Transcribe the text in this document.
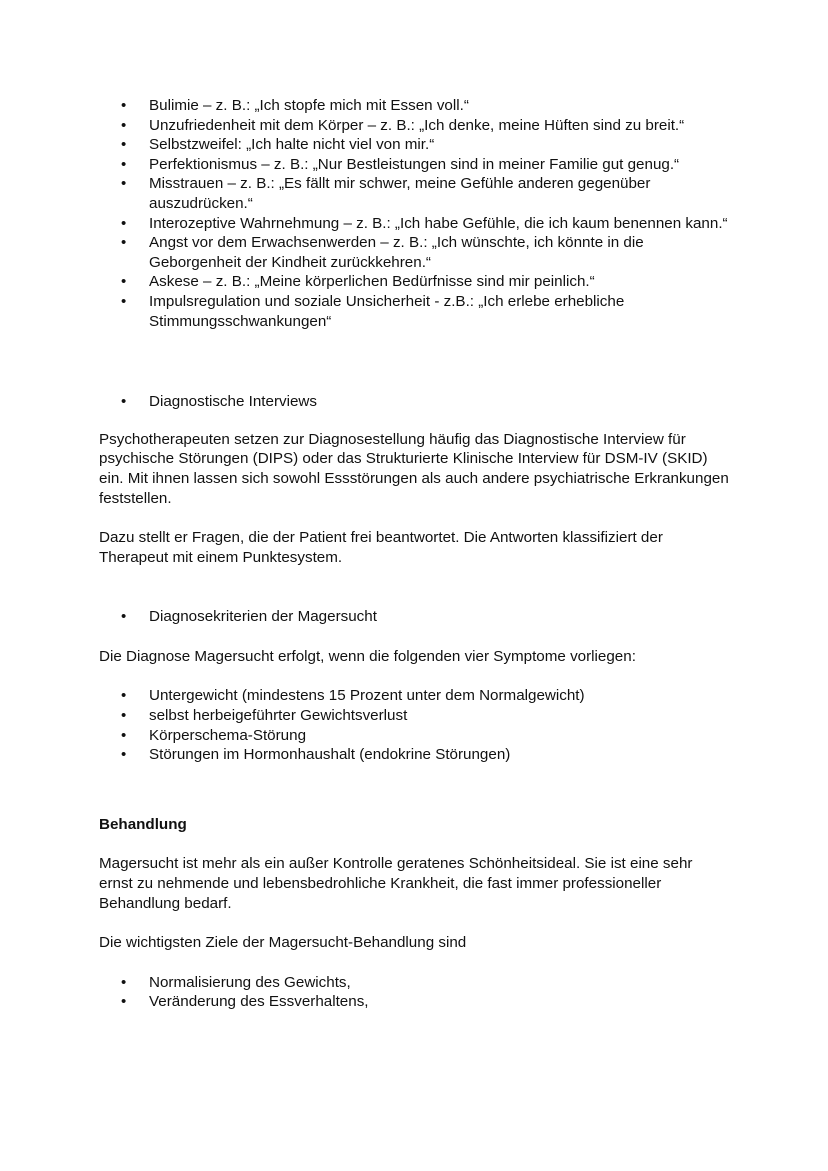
• Bulimie – z. B.: „Ich stopfe mich mit Essen voll.“
• Unzufriedenheit mit dem Körper – z. B.: „Ich denke, meine Hüften sind zu breit.“
• Selbstzweifel: „Ich halte nicht viel von mir.“
• Perfektionismus – z. B.: „Nur Bestleistungen sind in meiner Familie gut genug.“
• Misstrauen – z. B.: „Es fällt mir schwer, meine Gefühle anderen gegenüber auszudrücken.“
• Interozeptive Wahrnehmung – z. B.: „Ich habe Gefühle, die ich kaum benennen kann.“
• Angst vor dem Erwachsenwerden – z. B.: „Ich wünschte, ich könnte in die Geborgenheit der Kindheit zurückkehren.“
• Askese – z. B.: „Meine körperlichen Bedürfnisse sind mir peinlich.“
• Impulsregulation und soziale Unsicherheit - z.B.: „Ich erlebe erhebliche Stimmungsschwankungen“
• Diagnostische Interviews

Psychotherapeuten setzen zur Diagnosestellung häufig das Diagnostische Interview für psychische Störungen (DIPS) oder das Strukturierte Klinische Interview für DSM-IV (SKID) ein. Mit ihnen lassen sich sowohl Essstörungen als auch andere psychiatrische Erkrankungen feststellen.

Dazu stellt er Fragen, die der Patient frei beantwortet. Die Antworten klassifiziert der Therapeut mit einem Punktesystem.

• Diagnosekriterien der Magersucht

Die Diagnose Magersucht erfolgt, wenn die folgenden vier Symptome vorliegen:

• Untergewicht (mindestens 15 Prozent unter dem Normalgewicht)
• selbst herbeigeführter Gewichtsverlust
• Körperschema-Störung
• Störungen im Hormonhaushalt (endokrine Störungen)

Behandlung

Magersucht ist mehr als ein außer Kontrolle geratenes Schönheitsideal. Sie ist eine sehr ernst zu nehmende und lebensbedrohliche Krankheit, die fast immer professioneller Behandlung bedarf.

Die wichtigsten Ziele der Magersucht-Behandlung sind

• Normalisierung des Gewichts,
• Veränderung des Essverhaltens,
